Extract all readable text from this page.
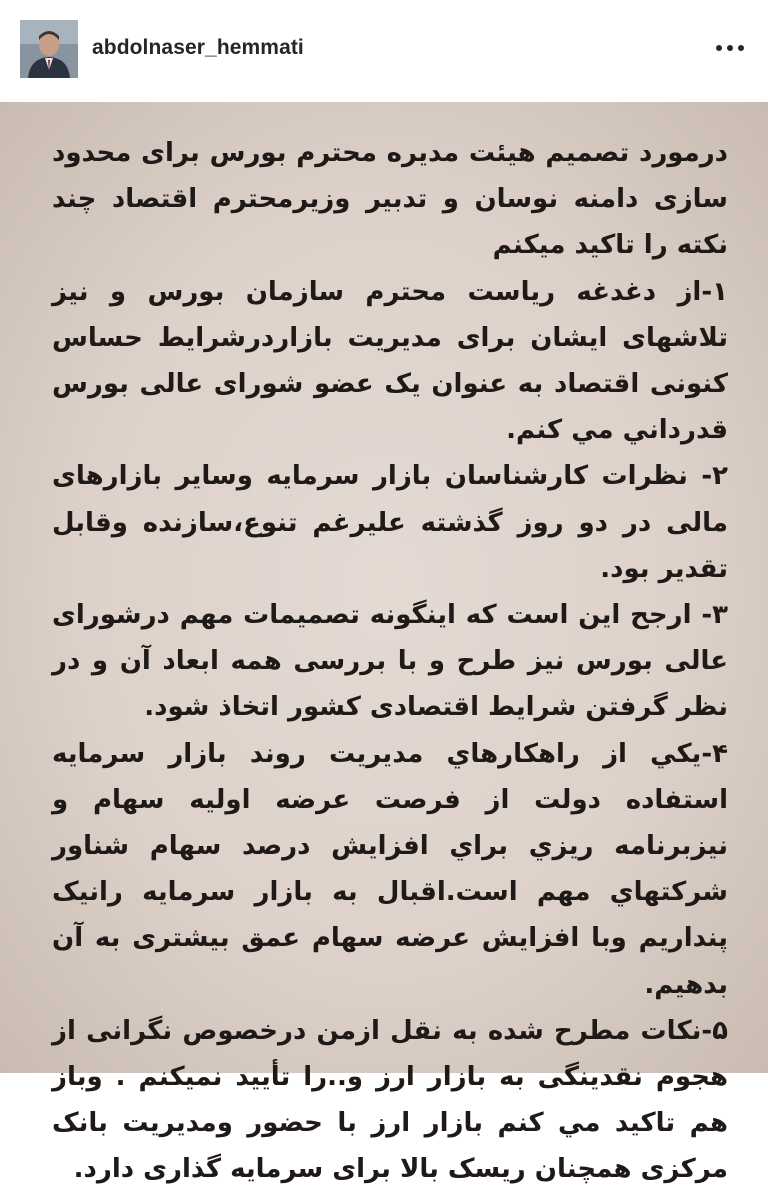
abdolnaser_hemmati

درمورد تصمیم هیئت مدیره محترم بورس برای محدود سازی دامنه نوسان و تدبیر وزیرمحترم اقتصاد چند نکته را تاکید میکنم

۱-از دغدغه ریاست محترم سازمان بورس و نیز تلاشهای ایشان برای مدیریت بازاردرشرایط حساس کنونی اقتصاد به عنوان یک عضو شورای عالی بورس قدرداني مي کنم.

۲- نظرات کارشناسان بازار سرمایه وسایر بازارهای مالی در دو روز گذشته علیرغم تنوع،سازنده وقابل تقدیر بود.

۳- ارجح این است که اینگونه تصمیمات مهم درشورای عالی بورس نیز طرح و با بررسی همه ابعاد آن و در نظر گرفتن شرایط اقتصادی کشور اتخاذ شود.

۴-يکي از راهکارهاي مديريت روند بازار سرمايه استفاده دولت از فرصت عرضه اولیه سهام و نیزبرنامه ريزي براي افزايش درصد سهام شناور شرکتهاي مهم است.اقبال به بازار سرمايه رانيک پنداريم وبا افزایش عرضه سهام عمق بیشتری به آن بدهیم.

۵-نکات مطرح شده به نقل ازمن درخصوص نگرانی از هجوم نقدینگی به بازار ارز و..را تأیید نمیکنم . وباز هم تاکيد مي کنم بازار ارز با حضور ومدیریت بانک مرکزی همچنان ریسک بالا برای سرمایه گذاری دارد.
